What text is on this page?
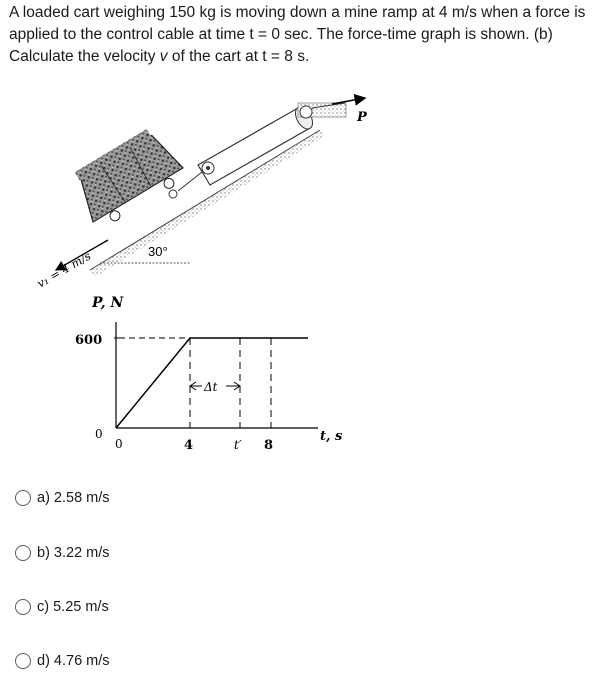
A loaded cart weighing 150 kg is moving down a mine ramp at 4 m/s when a force is
applied to the control cable at time t = 0 sec. The force-time graph is shown. (b)
Calculate the velocity v of the cart at t = 8 s.
30°
P
v₁ = 4 m/s
P, N
600
0
0	4	t′ 8
Δt
t, s
a) 2.58 m/s
b) 3.22 m/s
c) 5.25 m/s
d) 4.76 m/s
